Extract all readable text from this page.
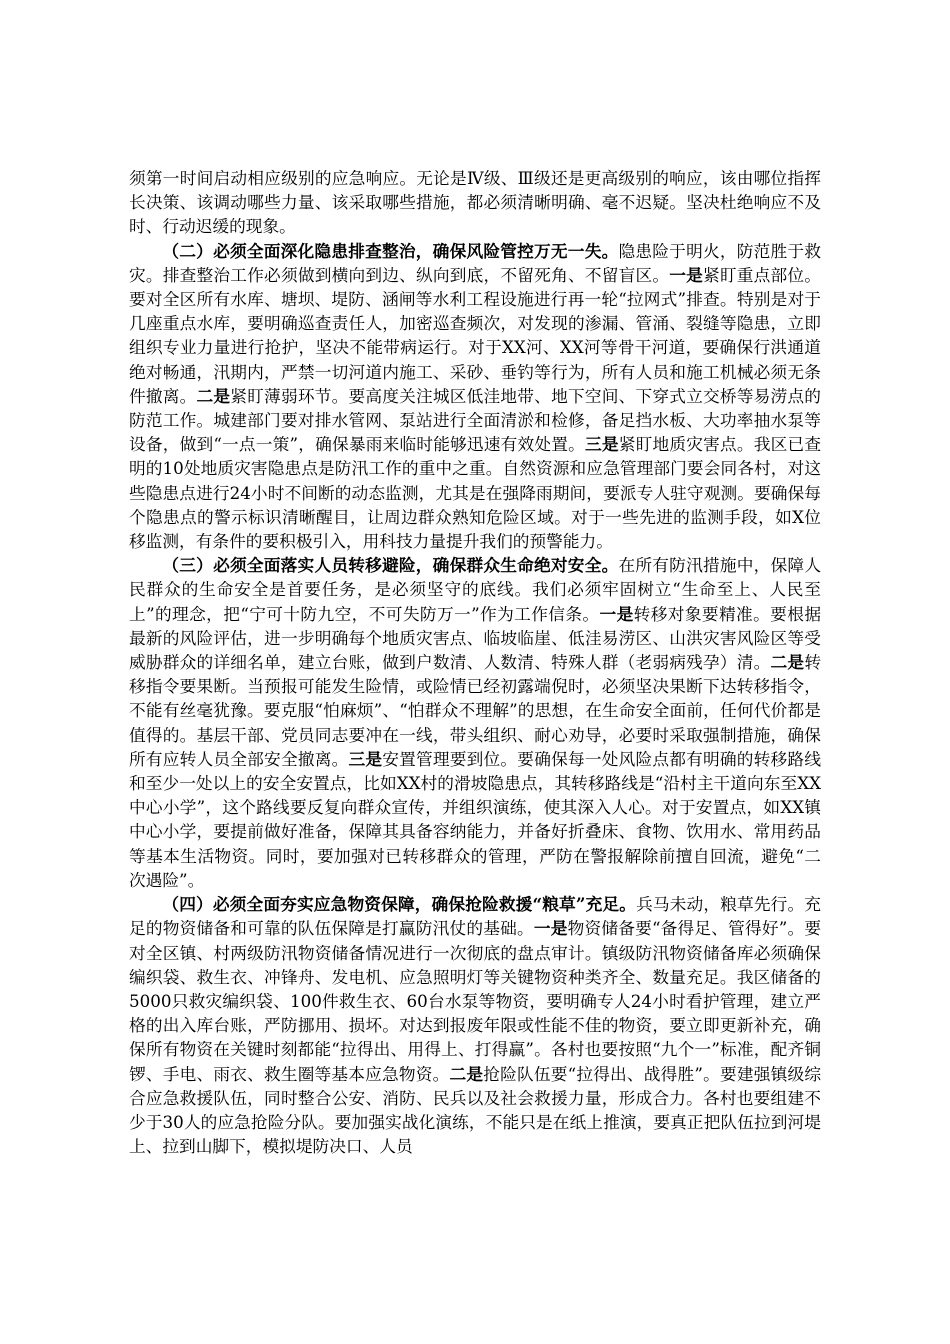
须第一时间启动相应级别的应急响应。无论是Ⅳ级、Ⅲ级还是更高级别的响应，该由哪位指挥长决策、该调动哪些力量、该采取哪些措施，都必须清晰明确、毫不迟疑。坚决杜绝响应不及时、行动迟缓的现象。

（二）必须全面深化隐患排查整治，确保风险管控万无一失。隐患险于明火，防范胜于救灾。排查整治工作必须做到横向到边、纵向到底，不留死角、不留盲区。一是紧盯重点部位。要对全区所有水库、塘坝、堤防、涵闸等水利工程设施进行再一轮“拉网式”排查。特别是对于几座重点水库，要明确巡查责任人，加密巡查频次，对发现的渗漏、管涌、裂缝等隐患，立即组织专业力量进行抢护，坚决不能带病运行。对于XX河、XX河等骨干河道，要确保行洪通道绝对畅通，汛期内，严禁一切河道内施工、采砂、垂钓等行为，所有人员和施工机械必须无条件撤离。二是紧盯薄弱环节。要高度关注城区低洼地带、地下空间、下穿式立交桥等易涝点的防范工作。城建部门要对排水管网、泵站进行全面清淤和检修，备足挡水板、大功率抽水泵等设备，做到“一点一策”，确保暴雨来临时能够迅速有效处置。三是紧盯地质灾害点。我区已查明的10处地质灾害隐患点是防汛工作的重中之重。自然资源和应急管理部门要会同各村，对这些隐患点进行24小时不间断的动态监测，尤其是在强降雨期间，要派专人驻守观测。要确保每个隐患点的警示标识清晰醒目，让周边群众熟知危险区域。对于一些先进的监测手段，如X位移监测，有条件的要积极引入，用科技力量提升我们的预警能力。

（三）必须全面落实人员转移避险，确保群众生命绝对安全。在所有防汛措施中，保障人民群众的生命安全是首要任务，是必须坚守的底线。我们必须牢固树立“生命至上、人民至上”的理念，把“宁可十防九空，不可失防万一”作为工作信条。一是转移对象要精准。要根据最新的风险评估，进一步明确每个地质灾害点、临坡临崖、低洼易涝区、山洪灾害风险区等受威胁群众的详细名单，建立台账，做到户数清、人数清、特殊人群（老弱病残孕）清。二是转移指令要果断。当预报可能发生险情，或险情已经初露端倪时，必须坚决果断下达转移指令，不能有丝毫犹豫。要克服“怕麻烦”、“怕群众不理解”的思想，在生命安全面前，任何代价都是值得的。基层干部、党员同志要冲在一线，带头组织、耐心劝导，必要时采取强制措施，确保所有应转人员全部安全撤离。三是安置管理要到位。要确保每一处风险点都有明确的转移路线和至少一处以上的安全安置点，比如XX村的滑坡隐患点，其转移路线是“沿村主干道向东至XX中心小学”，这个路线要反复向群众宣传，并组织演练，使其深入人心。对于安置点，如XX镇中心小学，要提前做好准备，保障其具备容纳能力，并备好折叠床、食物、饮用水、常用药品等基本生活物资。同时，要加强对已转移群众的管理，严防在警报解除前擅自回流，避免“二次遇险”。

（四）必须全面夯实应急物资保障，确保抢险救援“粮草”充足。兵马未动，粮草先行。充足的物资储备和可靠的队伍保障是打赢防汛仗的基础。一是物资储备要“备得足、管得好”。要对全区镇、村两级防汛物资储备情况进行一次彻底的盘点审计。镇级防汛物资储备库必须确保编织袋、救生衣、冲锋舟、发电机、应急照明灯等关键物资种类齐全、数量充足。我区储备的5000只救灾编织袋、100件救生衣、60台水泵等物资，要明确专人24小时看护管理，建立严格的出入库台账，严防挪用、损坏。对达到报废年限或性能不佳的物资，要立即更新补充，确保所有物资在关键时刻都能“拉得出、用得上、打得赢”。各村也要按照“九个一”标准，配齐铜锣、手电、雨衣、救生圈等基本应急物资。二是抢险队伍要“拉得出、战得胜”。要建强镇级综合应急救援队伍，同时整合公安、消防、民兵以及社会救援力量，形成合力。各村也要组建不少于30人的应急抢险分队。要加强实战化演练，不能只是在纸上推演，要真正把队伍拉到河堤上、拉到山脚下，模拟堤防决口、人员
